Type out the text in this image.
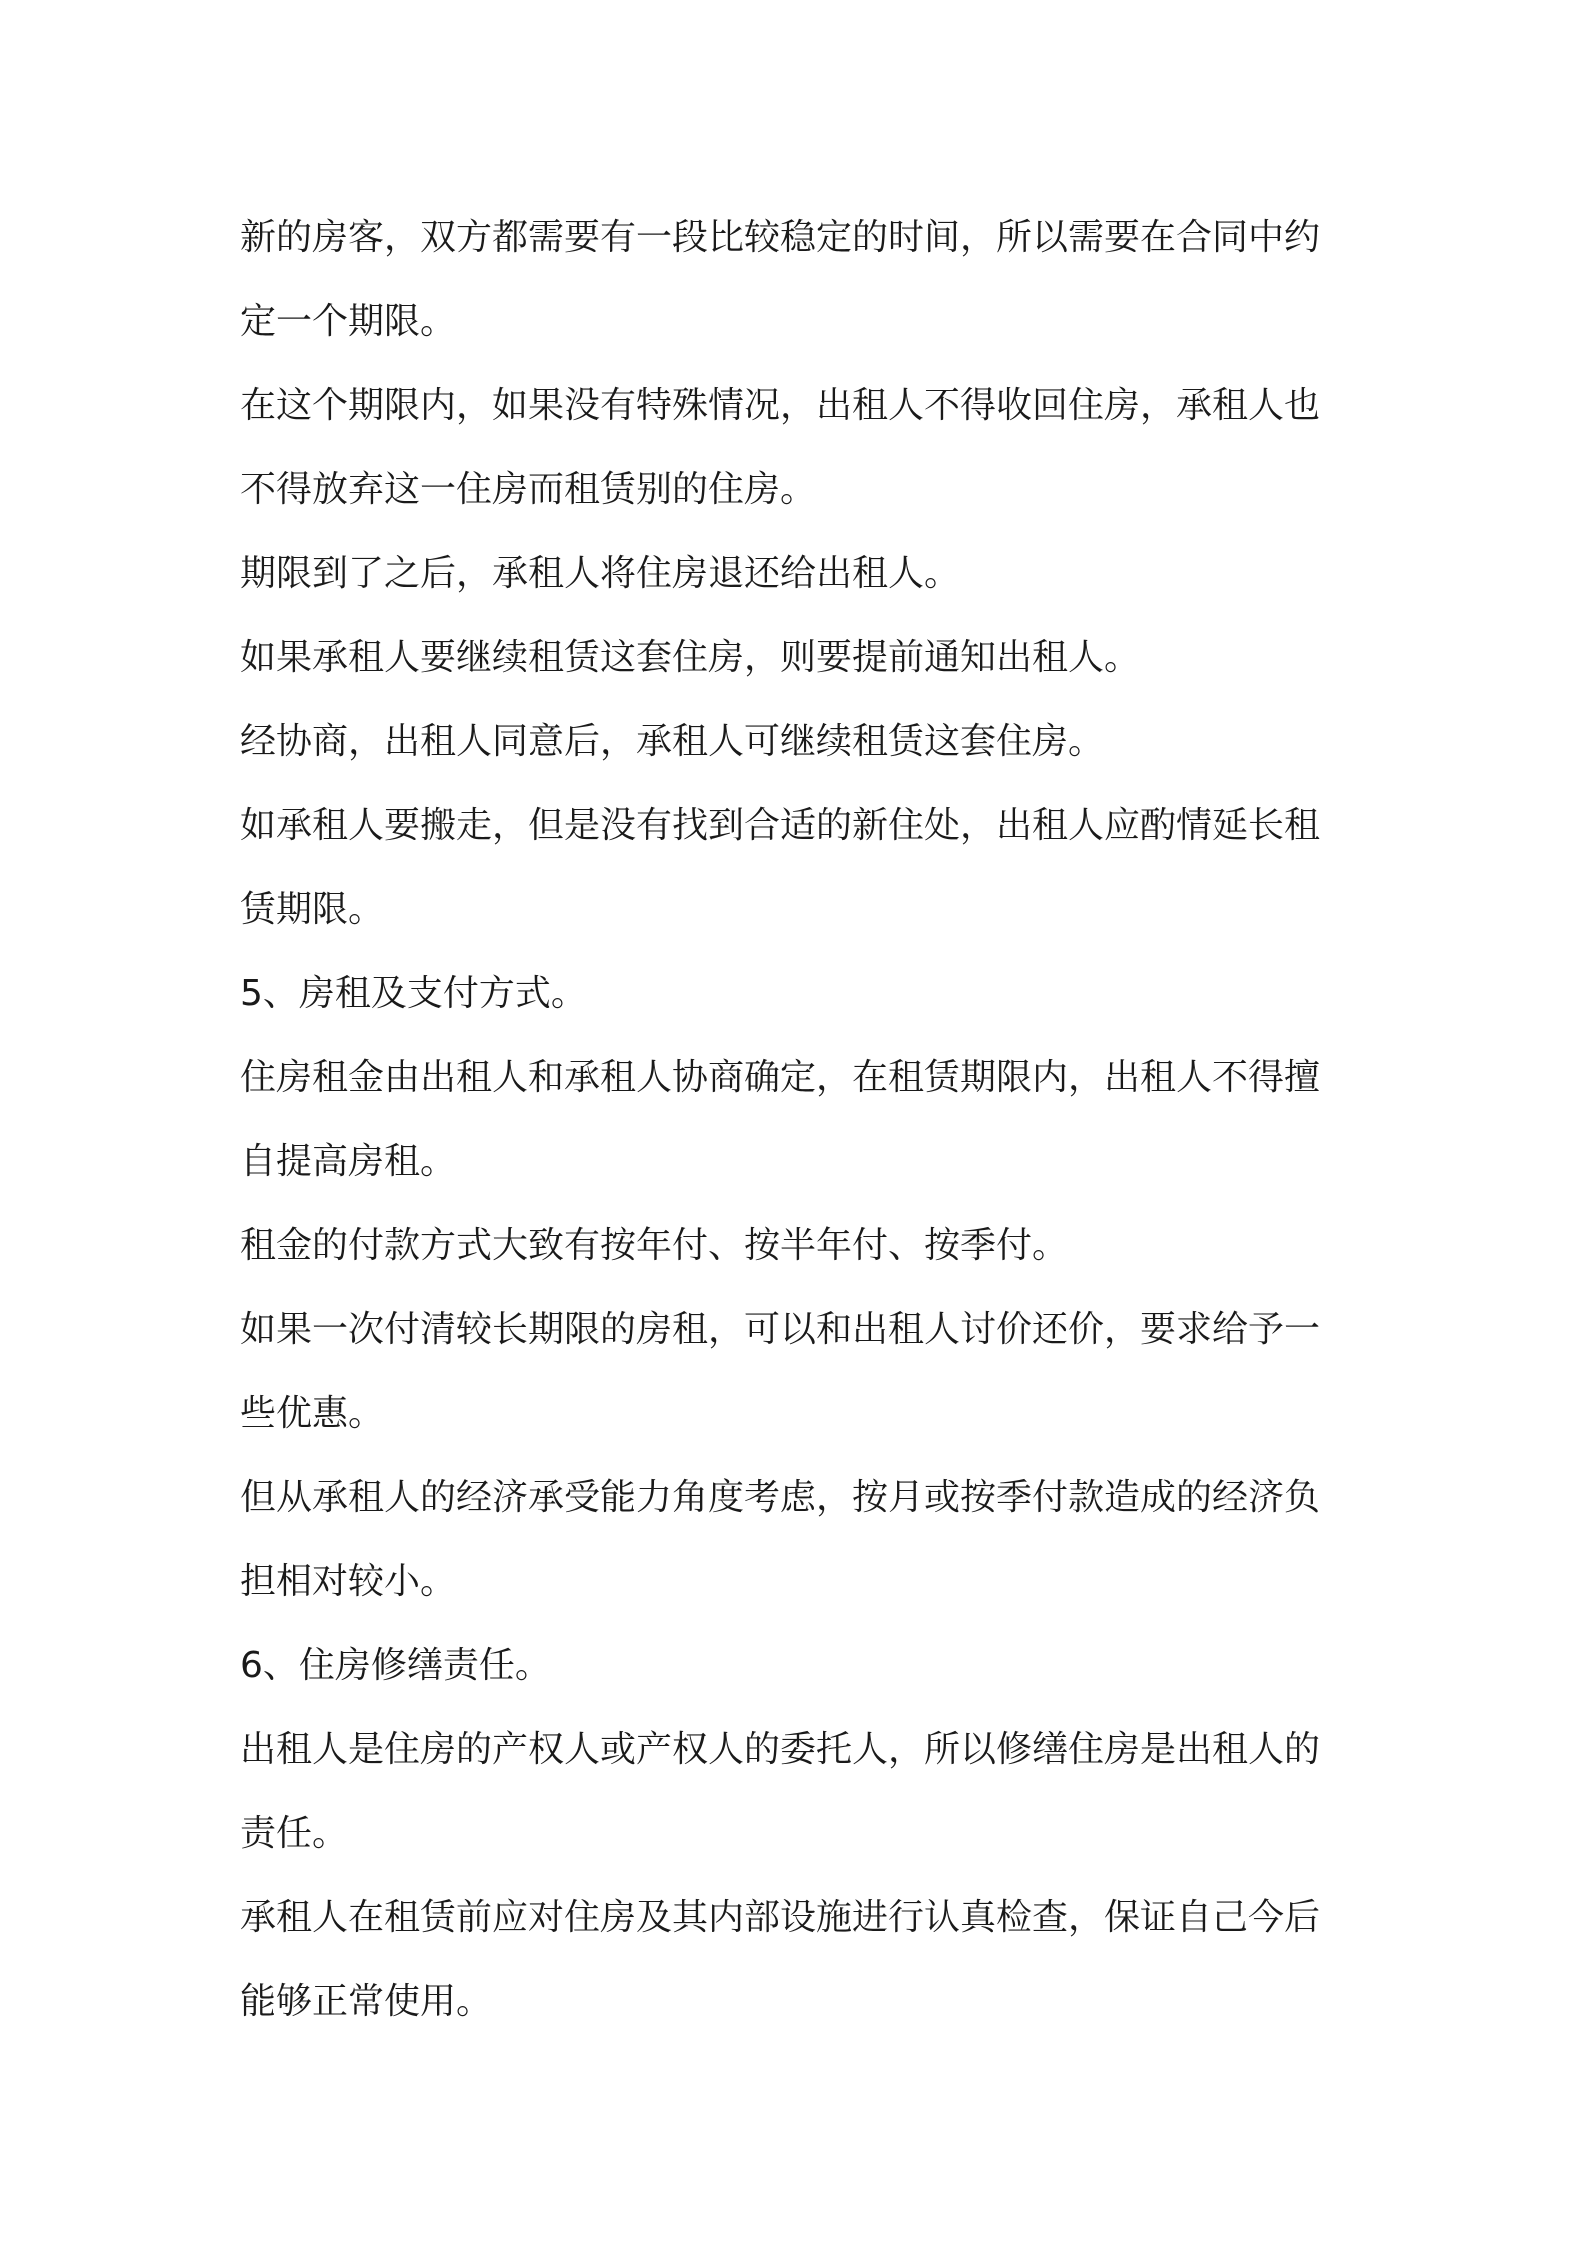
新的房客，双方都需要有一段比较稳定的时间，所以需要在合同中约
定一个期限。
在这个期限内，如果没有特殊情况，出租人不得收回住房，承租人也
不得放弃这一住房而租赁别的住房。
期限到了之后，承租人将住房退还给出租人。
如果承租人要继续租赁这套住房，则要提前通知出租人。
经协商，出租人同意后，承租人可继续租赁这套住房。
如承租人要搬走，但是没有找到合适的新住处，出租人应酌情延长租
赁期限。
5、房租及支付方式。
住房租金由出租人和承租人协商确定，在租赁期限内，出租人不得擅
自提高房租。
租金的付款方式大致有按年付、按半年付、按季付。
如果一次付清较长期限的房租，可以和出租人讨价还价，要求给予一
些优惠。
但从承租人的经济承受能力角度考虑，按月或按季付款造成的经济负
担相对较小。
6、住房修缮责任。
出租人是住房的产权人或产权人的委托人，所以修缮住房是出租人的
责任。
承租人在租赁前应对住房及其内部设施进行认真检查，保证自己今后
能够正常使用。
